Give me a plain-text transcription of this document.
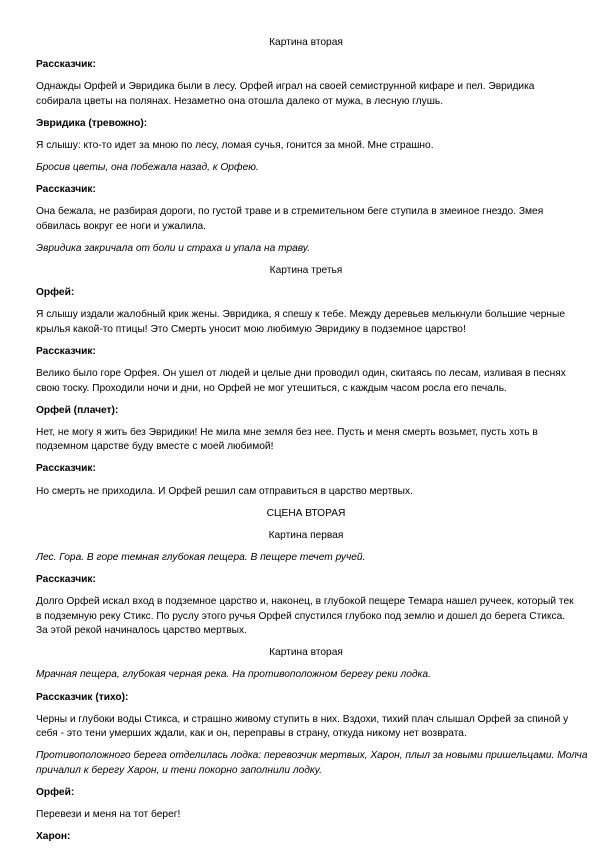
Картина вторая
Рассказчик:
Однажды Орфей и Эвридика были в лесу. Орфей играл на своей семиструнной кифаре и пел. Эвридика
собирала цветы на полянах. Незаметно она отошла далеко от мужа, в лесную глушь.
Эвридика (тревожно):
Я слышу: кто-то идет за мною по лесу, ломая сучья, гонится за мной. Мне страшно.
Бросив цветы, она побежала назад, к Орфею.
Рассказчик:
Она бежала, не разбирая дороги, по густой траве и в стремительном беге ступила в змеиное гнездо. Змея
обвилась вокруг ее ноги и ужалила.
Эвридика закричала от боли и страха и упала на траву.
Картина третья
Орфей:
Я слышу издали жалобный крик жены. Эвридика, я спешу к тебе. Между деревьев мелькнули большие черные
крылья какой-то птицы! Это Смерть уносит мою любимую Эвридику в подземное царство!
Рассказчик:
Велико было горе Орфея. Он ушел от людей и целые дни проводил один, скитаясь по лесам, изливая в песнях
свою тоску. Проходили ночи и дни, но Орфей не мог утешиться, с каждым часом росла его печаль.
Орфей (плачет):
Нет, не могу я жить без Эвридики! Не мила мне земля без нее. Пусть и меня смерть возьмет, пусть хоть в
подземном царстве буду вместе с моей любимой!
Рассказчик:
Но смерть не приходила. И Орфей решил сам отправиться в царство мертвых.
СЦЕНА ВТОРАЯ
Картина первая
Лес. Гора. В горе темная глубокая пещера. В пещере течет ручей.
Рассказчик:
Долго Орфей искал вход в подземное царство и, наконец, в глубокой пещере Темара нашел ручеек, который тек
в подземную реку Стикс. По руслу этого ручья Орфей спустился глубоко под землю и дошел до берега Стикса.
За этой рекой начиналось царство мертвых.
Картина вторая
Мрачная пещера, глубокая черная река. На противоположном берегу реки лодка.
Рассказчик (тихо):
Черны и глубоки воды Стикса, и страшно живому ступить в них. Вздохи, тихий плач слышал Орфей за спиной у
себя - это тени умерших ждали, как и он, переправы в страну, откуда никому нет возврата.
Противоположного берега отделилась лодка: перевозчик мертвых, Харон, плыл за новыми пришельцами. Молча
причалил к берегу Харон, и тени покорно заполнили лодку.
Орфей:
Перевези и меня на тот берег!
Харон:
